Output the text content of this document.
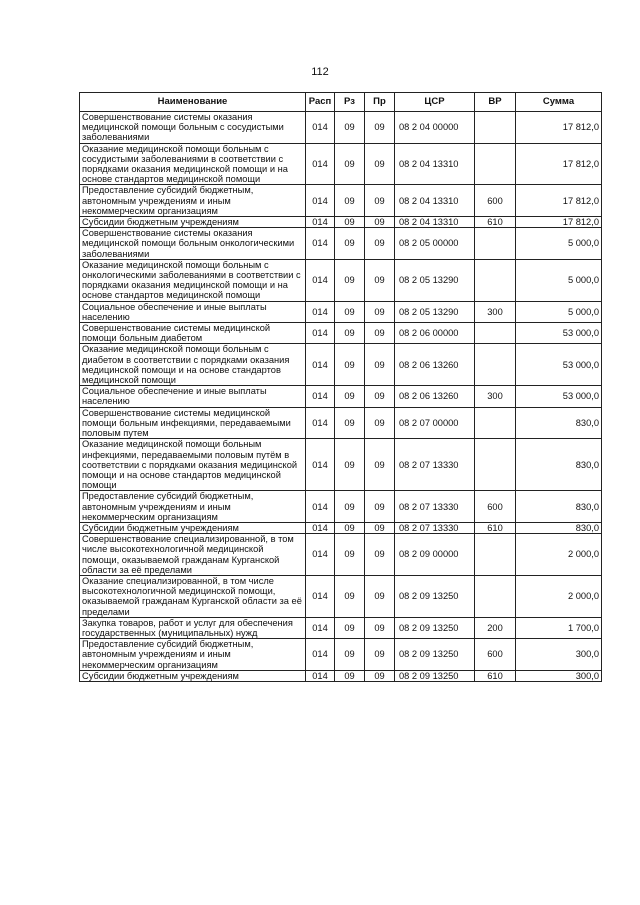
112
Наименование	Расп	Рз	Пр	ЦСР	ВР	Сумма
Совершенствование системы оказания медицинской помощи больным с сосудистыми заболеваниями	014	09	09	08 2 04 00000		17 812,0
Оказание медицинской помощи больным с сосудистыми заболеваниями в соответствии с порядками оказания медицинской помощи и на основе стандартов медицинской помощи	014	09	09	08 2 04 13310		17 812,0
Предоставление субсидий бюджетным, автономным учреждениям и иным некоммерческим организациям	014	09	09	08 2 04 13310	600	17 812,0
Субсидии бюджетным учреждениям	014	09	09	08 2 04 13310	610	17 812,0
Совершенствование системы оказания медицинской помощи больным онкологическими заболеваниями	014	09	09	08 2 05 00000		5 000,0
Оказание медицинской помощи больным с онкологическими заболеваниями в соответствии с порядками оказания медицинской помощи и на основе стандартов медицинской помощи	014	09	09	08 2 05 13290		5 000,0
Социальное обеспечение и иные выплаты населению	014	09	09	08 2 05 13290	300	5 000,0
Совершенствование системы медицинской помощи больным диабетом	014	09	09	08 2 06 00000		53 000,0
Оказание медицинской помощи больным с диабетом в соответствии с порядками оказания медицинской помощи и на основе стандартов медицинской помощи	014	09	09	08 2 06 13260		53 000,0
Социальное обеспечение и иные выплаты населению	014	09	09	08 2 06 13260	300	53 000,0
Совершенствование системы медицинской помощи больным инфекциями, передаваемыми половым путем	014	09	09	08 2 07 00000		830,0
Оказание медицинской помощи больным инфекциями, передаваемыми половым путём в соответствии с порядками оказания медицинской помощи и на основе стандартов медицинской помощи	014	09	09	08 2 07 13330		830,0
Предоставление субсидий бюджетным, автономным учреждениям и иным некоммерческим организациям	014	09	09	08 2 07 13330	600	830,0
Субсидии бюджетным учреждениям	014	09	09	08 2 07 13330	610	830,0
Совершенствование специализированной, в том числе высокотехнологичной медицинской помощи, оказываемой гражданам Курганской области за её пределами	014	09	09	08 2 09 00000		2 000,0
Оказание специализированной, в том числе высокотехнологичной медицинской помощи, оказываемой гражданам Курганской области за её пределами	014	09	09	08 2 09 13250		2 000,0
Закупка товаров, работ и услуг для обеспечения государственных (муниципальных) нужд	014	09	09	08 2 09 13250	200	1 700,0
Предоставление субсидий бюджетным, автономным учреждениям и иным некоммерческим организациям	014	09	09	08 2 09 13250	600	300,0
Субсидии бюджетным учреждениям	014	09	09	08 2 09 13250	610	300,0
